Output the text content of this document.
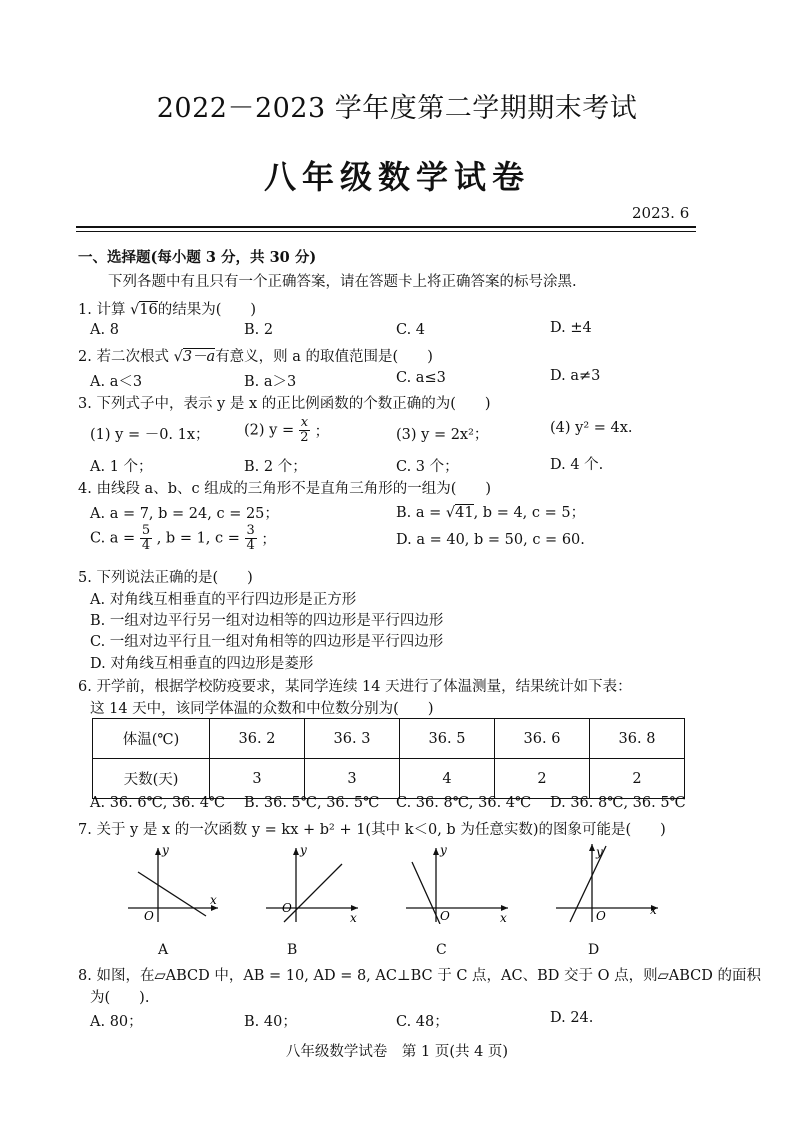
2022－2023 学年度第二学期期末考试
八年级数学试卷
2023. 6
一、选择题(每小题 3 分，共 30 分)
下列各题中有且只有一个正确答案，请在答题卡上将正确答案的标号涂黑.
1. 计算 √16的结果为(　　)
A. 8	B. 2	C. 4	D. ±4
2. 若二次根式 √3－a有意义，则 a 的取值范围是(　　)
A. a＜3	B. a＞3	C. a≤3	D. a≠3
3. 下列式子中，表示 y 是 x 的正比例函数的个数正确的为(　　)
(1) y = －0. 1x； (2) $y = \frac{x}{2}$ ；	(3) y = 2x²；	(4) y² = 4x.
A. 1 个；	B. 2 个；	C. 3 个；	D. 4 个.
4. 由线段 a、b、c 组成的三角形不是直角三角形的一组为(　　)
A. a = 7, b = 24, c = 25；	B. a = √41, b = 4, c = 5；
C. $a = \frac{5}{4}$ , b = 1, $c = \frac{3}{4}$ ；	D. a = 40, b = 50, c = 60.
5. 下列说法正确的是(　　)
A. 对角线互相垂直的平行四边形是正方形
B. 一组对边平行另一组对边相等的四边形是平行四边形
C. 一组对边平行且一组对角相等的四边形是平行四边形
D. 对角线互相垂直的四边形是菱形
6. 开学前，根据学校防疫要求，某同学连续 14 天进行了体温测量，结果统计如下表：
这 14 天中，该同学体温的众数和中位数分别为(　　)
体温(℃)	36. 2	36. 3	36. 5	36. 6	36. 8
天数(天)	3	3	4	2	2
A. 36. 6℃, 36. 4℃ B. 36. 5℃, 36. 5℃ C. 36. 8℃, 36. 4℃ D. 36. 8℃, 36. 5℃
7. 关于 y 是 x 的一次函数 y = kx + b² + 1(其中 k＜0, b 为任意实数)的图象可能是(　　)
y
x
O
A
y
x
O
B
y
x
O
C
y
x
O
D
8. 如图，在▱ABCD 中，AB = 10, AD = 8, AC⊥BC 于 C 点，AC、BD 交于 O 点，则▱ABCD 的面积
为(　　).
A. 80；	B. 40；	C. 48；	D. 24.
八年级数学试卷　第 1 页(共 4 页)
